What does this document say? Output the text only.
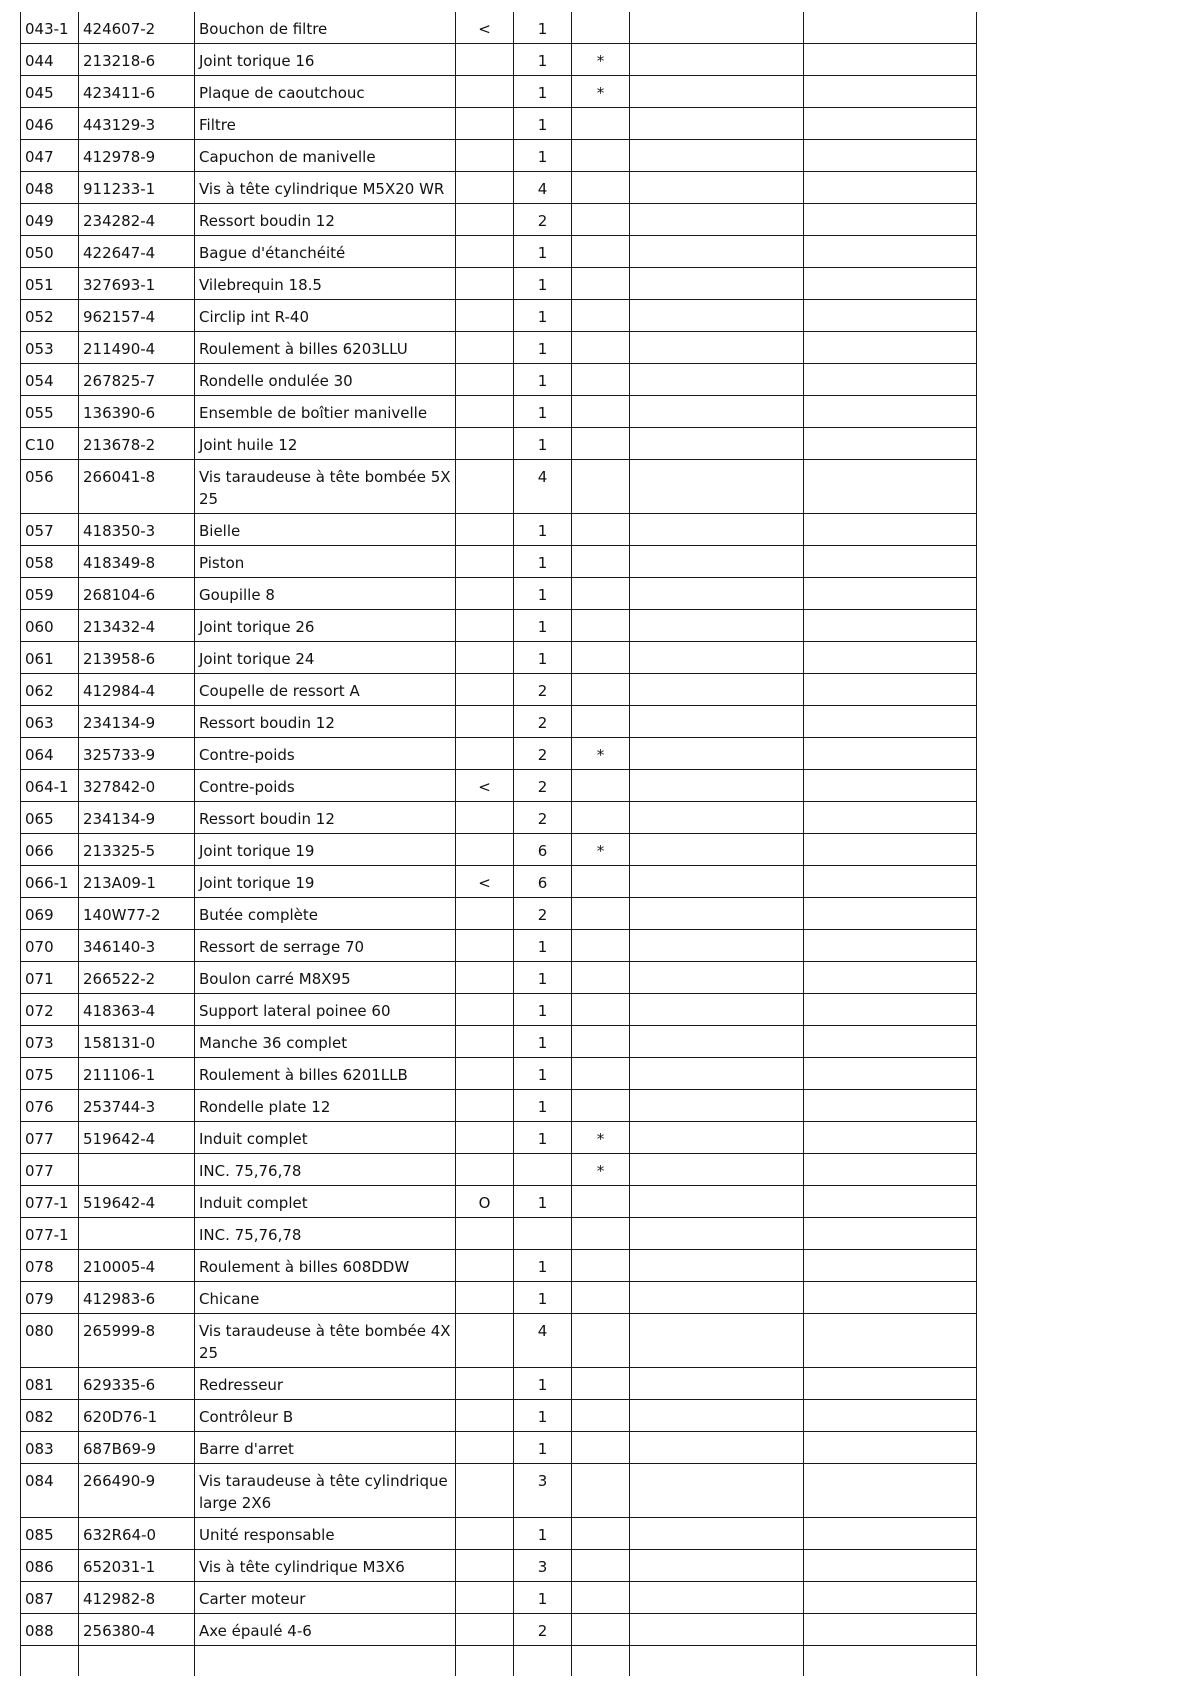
043-1	424607-2	Bouchon de filtre	<	1			
044	213218-6	Joint torique 16		1	*		
045	423411-6	Plaque de caoutchouc		1	*		
046	443129-3	Filtre		1			
047	412978-9	Capuchon de manivelle		1			
048	911233-1	Vis à tête cylindrique M5X20 WR		4			
049	234282-4	Ressort boudin 12		2			
050	422647-4	Bague d'étanchéité		1			
051	327693-1	Vilebrequin 18.5		1			
052	962157-4	Circlip int R-40		1			
053	211490-4	Roulement à billes 6203LLU		1			
054	267825-7	Rondelle ondulée 30		1			
055	136390-6	Ensemble de boîtier manivelle		1			
C10	213678-2	Joint huile 12		1			
056	266041-8	Vis taraudeuse à tête bombée 5X 25		4			
057	418350-3	Bielle		1			
058	418349-8	Piston		1			
059	268104-6	Goupille 8		1			
060	213432-4	Joint torique 26		1			
061	213958-6	Joint torique 24		1			
062	412984-4	Coupelle de ressort A		2			
063	234134-9	Ressort boudin 12		2			
064	325733-9	Contre-poids		2	*		
064-1	327842-0	Contre-poids	<	2			
065	234134-9	Ressort boudin 12		2			
066	213325-5	Joint torique 19		6	*		
066-1	213A09-1	Joint torique 19	<	6			
069	140W77-2	Butée complète		2			
070	346140-3	Ressort de serrage 70		1			
071	266522-2	Boulon carré M8X95		1			
072	418363-4	Support lateral poinee 60		1			
073	158131-0	Manche 36 complet		1			
075	211106-1	Roulement à billes 6201LLB		1			
076	253744-3	Rondelle plate 12		1			
077	519642-4	Induit complet		1	*		
077		INC. 75,76,78			*		
077-1	519642-4	Induit complet	O	1			
077-1		INC. 75,76,78					
078	210005-4	Roulement à billes 608DDW		1			
079	412983-6	Chicane		1			
080	265999-8	Vis taraudeuse à tête bombée 4X 25		4			
081	629335-6	Redresseur		1			
082	620D76-1	Contrôleur B		1			
083	687B69-9	Barre d'arret		1			
084	266490-9	Vis taraudeuse à tête cylindrique large 2X6		3			
085	632R64-0	Unité responsable		1			
086	652031-1	Vis à tête cylindrique M3X6		3			
087	412982-8	Carter moteur		1			
088	256380-4	Axe épaulé 4-6		2			
